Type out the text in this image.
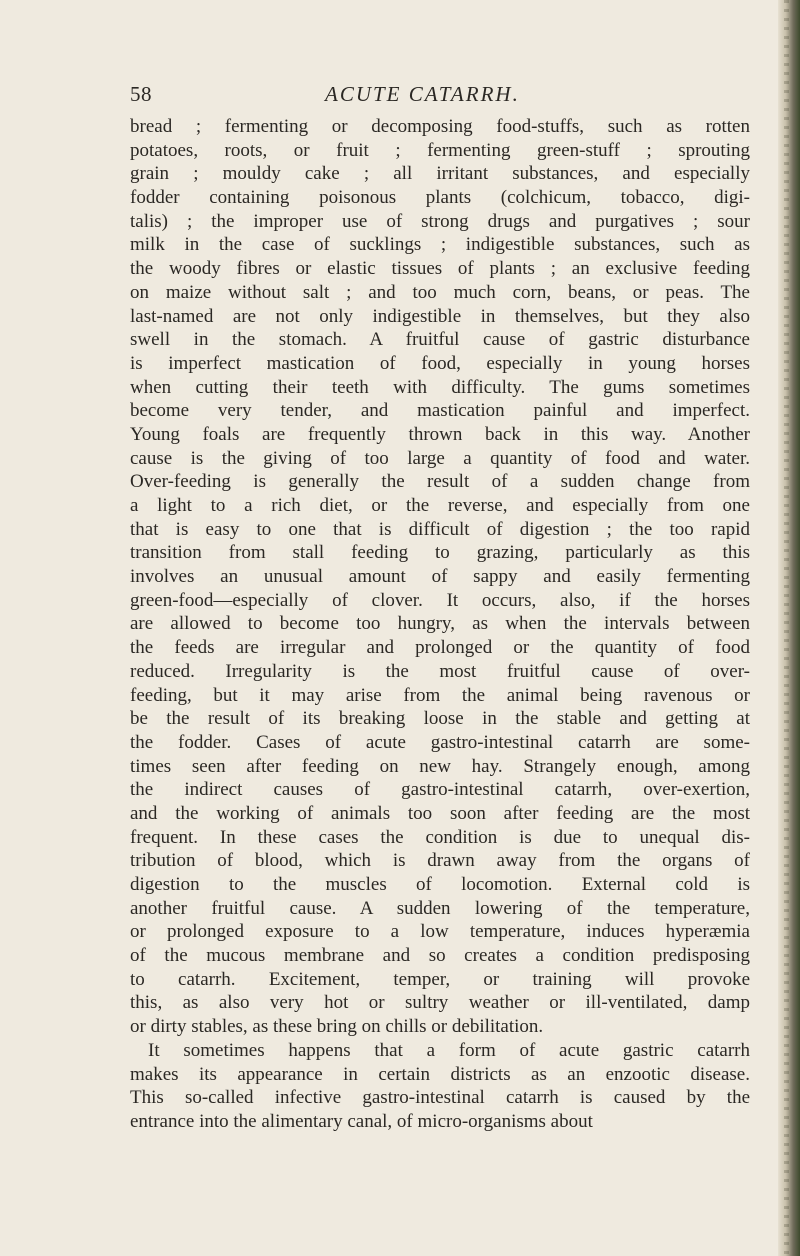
58	ACUTE CATARRH.
bread ; fermenting or decomposing food-stuffs, such as rotten
potatoes, roots, or fruit ; fermenting green-stuff ; sprouting
grain ; mouldy cake ; all irritant substances, and especially
fodder containing poisonous plants (colchicum, tobacco, digi-
talis) ; the improper use of strong drugs and purgatives ; sour
milk in the case of sucklings ; indigestible substances, such as
the woody fibres or elastic tissues of plants ; an exclusive feeding
on maize without salt ; and too much corn, beans, or peas. The
last-named are not only indigestible in themselves, but they also
swell in the stomach. A fruitful cause of gastric disturbance
is imperfect mastication of food, especially in young horses
when cutting their teeth with difficulty. The gums sometimes
become very tender, and mastication painful and imperfect.
Young foals are frequently thrown back in this way. Another
cause is the giving of too large a quantity of food and water.
Over-feeding is generally the result of a sudden change from
a light to a rich diet, or the reverse, and especially from one
that is easy to one that is difficult of digestion ; the too rapid
transition from stall feeding to grazing, particularly as this
involves an unusual amount of sappy and easily fermenting
green-food—especially of clover. It occurs, also, if the horses
are allowed to become too hungry, as when the intervals between
the feeds are irregular and prolonged or the quantity of food
reduced. Irregularity is the most fruitful cause of over-
feeding, but it may arise from the animal being ravenous or
be the result of its breaking loose in the stable and getting at
the fodder. Cases of acute gastro-intestinal catarrh are some-
times seen after feeding on new hay. Strangely enough, among
the indirect causes of gastro-intestinal catarrh, over-exertion,
and the working of animals too soon after feeding are the most
frequent. In these cases the condition is due to unequal dis-
tribution of blood, which is drawn away from the organs of
digestion to the muscles of locomotion. External cold is
another fruitful cause. A sudden lowering of the temperature,
or prolonged exposure to a low temperature, induces hyperæmia
of the mucous membrane and so creates a condition predisposing
to catarrh. Excitement, temper, or training will provoke
this, as also very hot or sultry weather or ill-ventilated, damp
or dirty stables, as these bring on chills or debilitation.
It sometimes happens that a form of acute gastric catarrh
makes its appearance in certain districts as an enzootic disease.
This so-called infective gastro-intestinal catarrh is caused by the
entrance into the alimentary canal, of micro-organisms about
